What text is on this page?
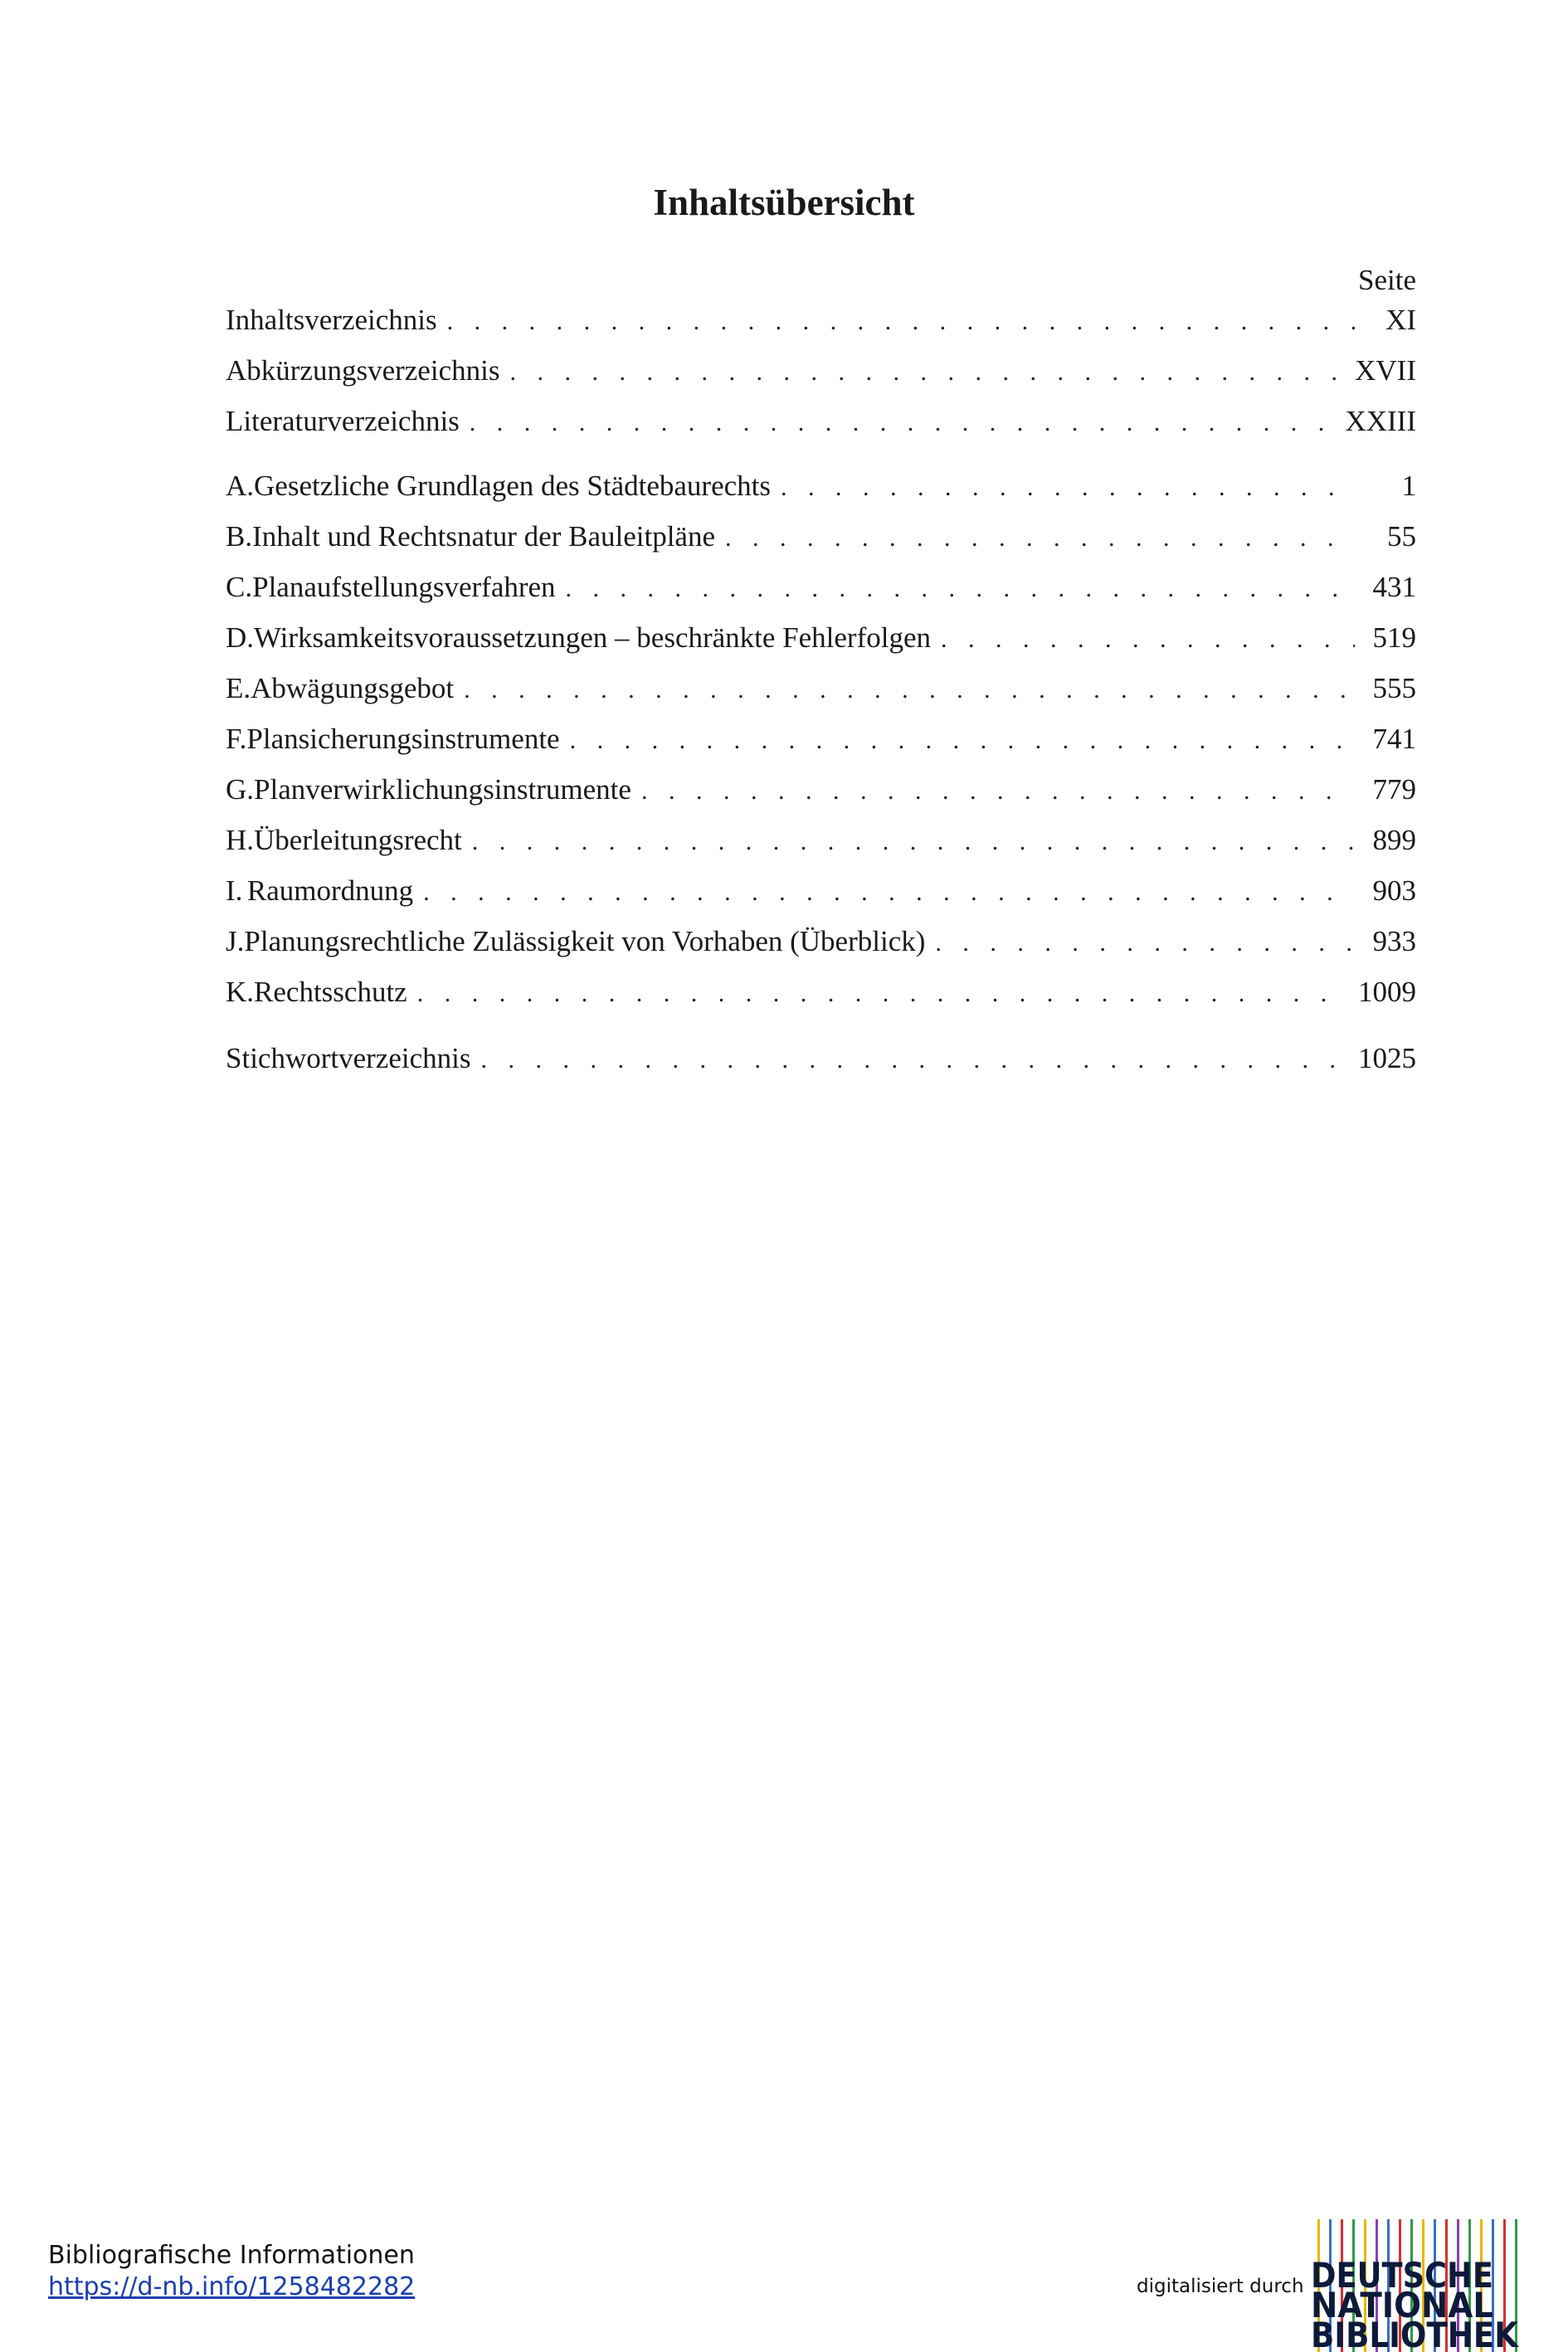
Inhaltsübersicht
Seite
Inhaltsverzeichnis . . .	XI
Abkürzungsverzeichnis . . .	XVII
Literaturverzeichnis . . .	XXIII
A. Gesetzliche Grundlagen des Städtebaurechts . . .	1
B. Inhalt und Rechtsnatur der Bauleitpläne . . .	55
C. Planaufstellungsverfahren . . .	431
D. Wirksamkeitsvoraussetzungen – beschränkte Fehlerfolgen . . .	519
E. Abwägungsgebot . . .	555
F. Plansicherungsinstrumente . . .	741
G. Planverwirklichungsinstrumente . . .	779
H. Überleitungsrecht . . .	899
I. Raumordnung . . .	903
J. Planungsrechtliche Zulässigkeit von Vorhaben (Überblick) . . .	933
K. Rechtsschutz . . .	1009
Stichwortverzeichnis . . .	1025
Bibliografische Informationen
https://d-nb.info/1258482282	digitalisiert durch DEUTSCHE
NATIONAL
BIBLIOTHEK
